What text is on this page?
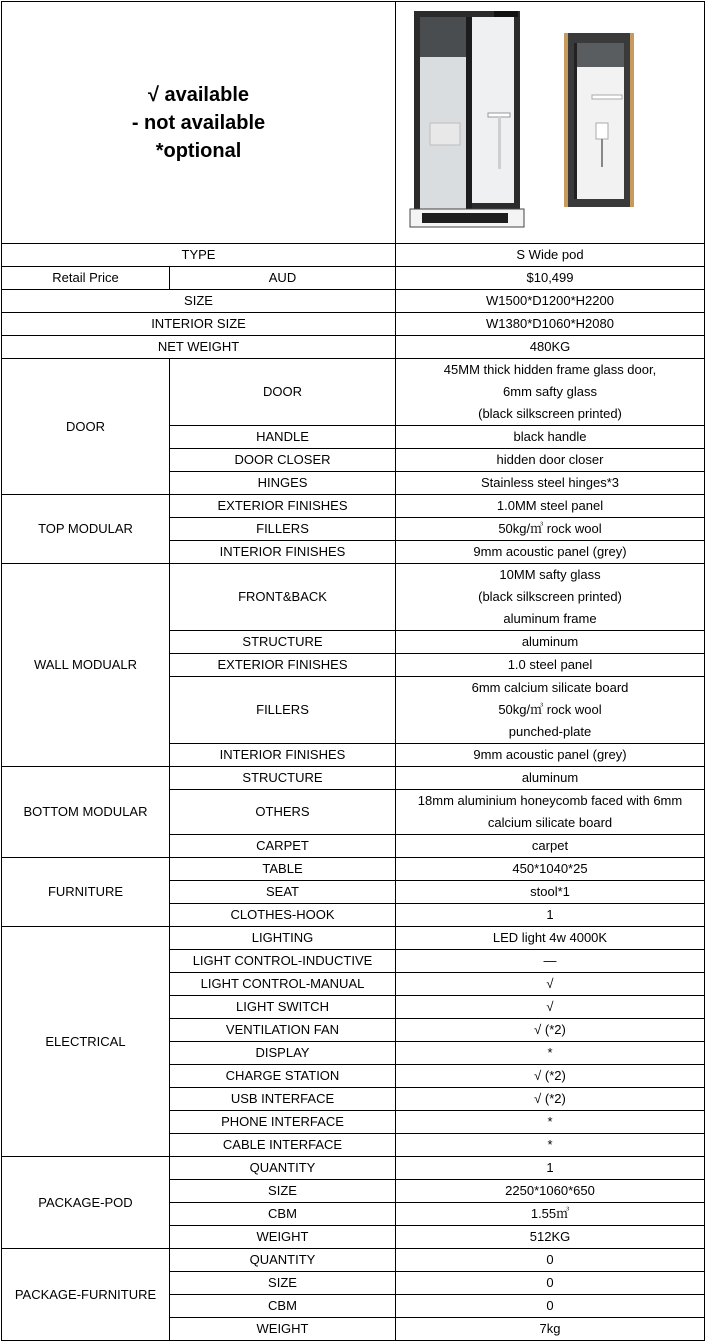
√ available
- not available
*optional

TYPE		S Wide pod
Retail Price	AUD	$10,499
SIZE		W1500*D1200*H2200
INTERIOR SIZE		W1380*D1060*H2080
NET WEIGHT		480KG
DOOR	DOOR	45MM thick hidden frame glass door,
6mm safty glass
(black silkscreen printed)

	HANDLE	black handle

	DOOR CLOSER	hidden door closer

	HINGES	Stainless steel hinges*3

TOP MODULAR	EXTERIOR FINISHES	1.0MM steel panel

	FILLERS	50kg/㎥ rock wool

	INTERIOR FINISHES	9mm acoustic panel (grey)

WALL MODUALR	FRONT&BACK	10MM safty glass
(black silkscreen printed)
aluminum frame

	STRUCTURE	aluminum

	EXTERIOR FINISHES	1.0 steel panel

	FILLERS	6mm calcium silicate board
50kg/㎥ rock wool
punched-plate

	INTERIOR FINISHES	9mm acoustic panel (grey)

BOTTOM MODULAR	STRUCTURE	aluminum

	OTHERS	18mm aluminium honeycomb faced with 6mm
calcium silicate board

	CARPET	carpet

FURNITURE	TABLE	450*1040*25

	SEAT	stool*1

	CLOTHES-HOOK	1

ELECTRICAL	LIGHTING	LED light 4w 4000K

	LIGHT CONTROL-INDUCTIVE	—

	LIGHT CONTROL-MANUAL	√

	LIGHT SWITCH	√

	VENTILATION FAN	√ (*2)

	DISPLAY	*

	CHARGE STATION	√ (*2)

	USB INTERFACE	√ (*2)

	PHONE INTERFACE	*

	CABLE INTERFACE	*

PACKAGE-POD	QUANTITY	1

	SIZE	2250*1060*650

	CBM	1.55㎥

	WEIGHT	512KG

PACKAGE-FURNITURE	QUANTITY	0

	SIZE	0

	CBM	0

	WEIGHT	7kg
